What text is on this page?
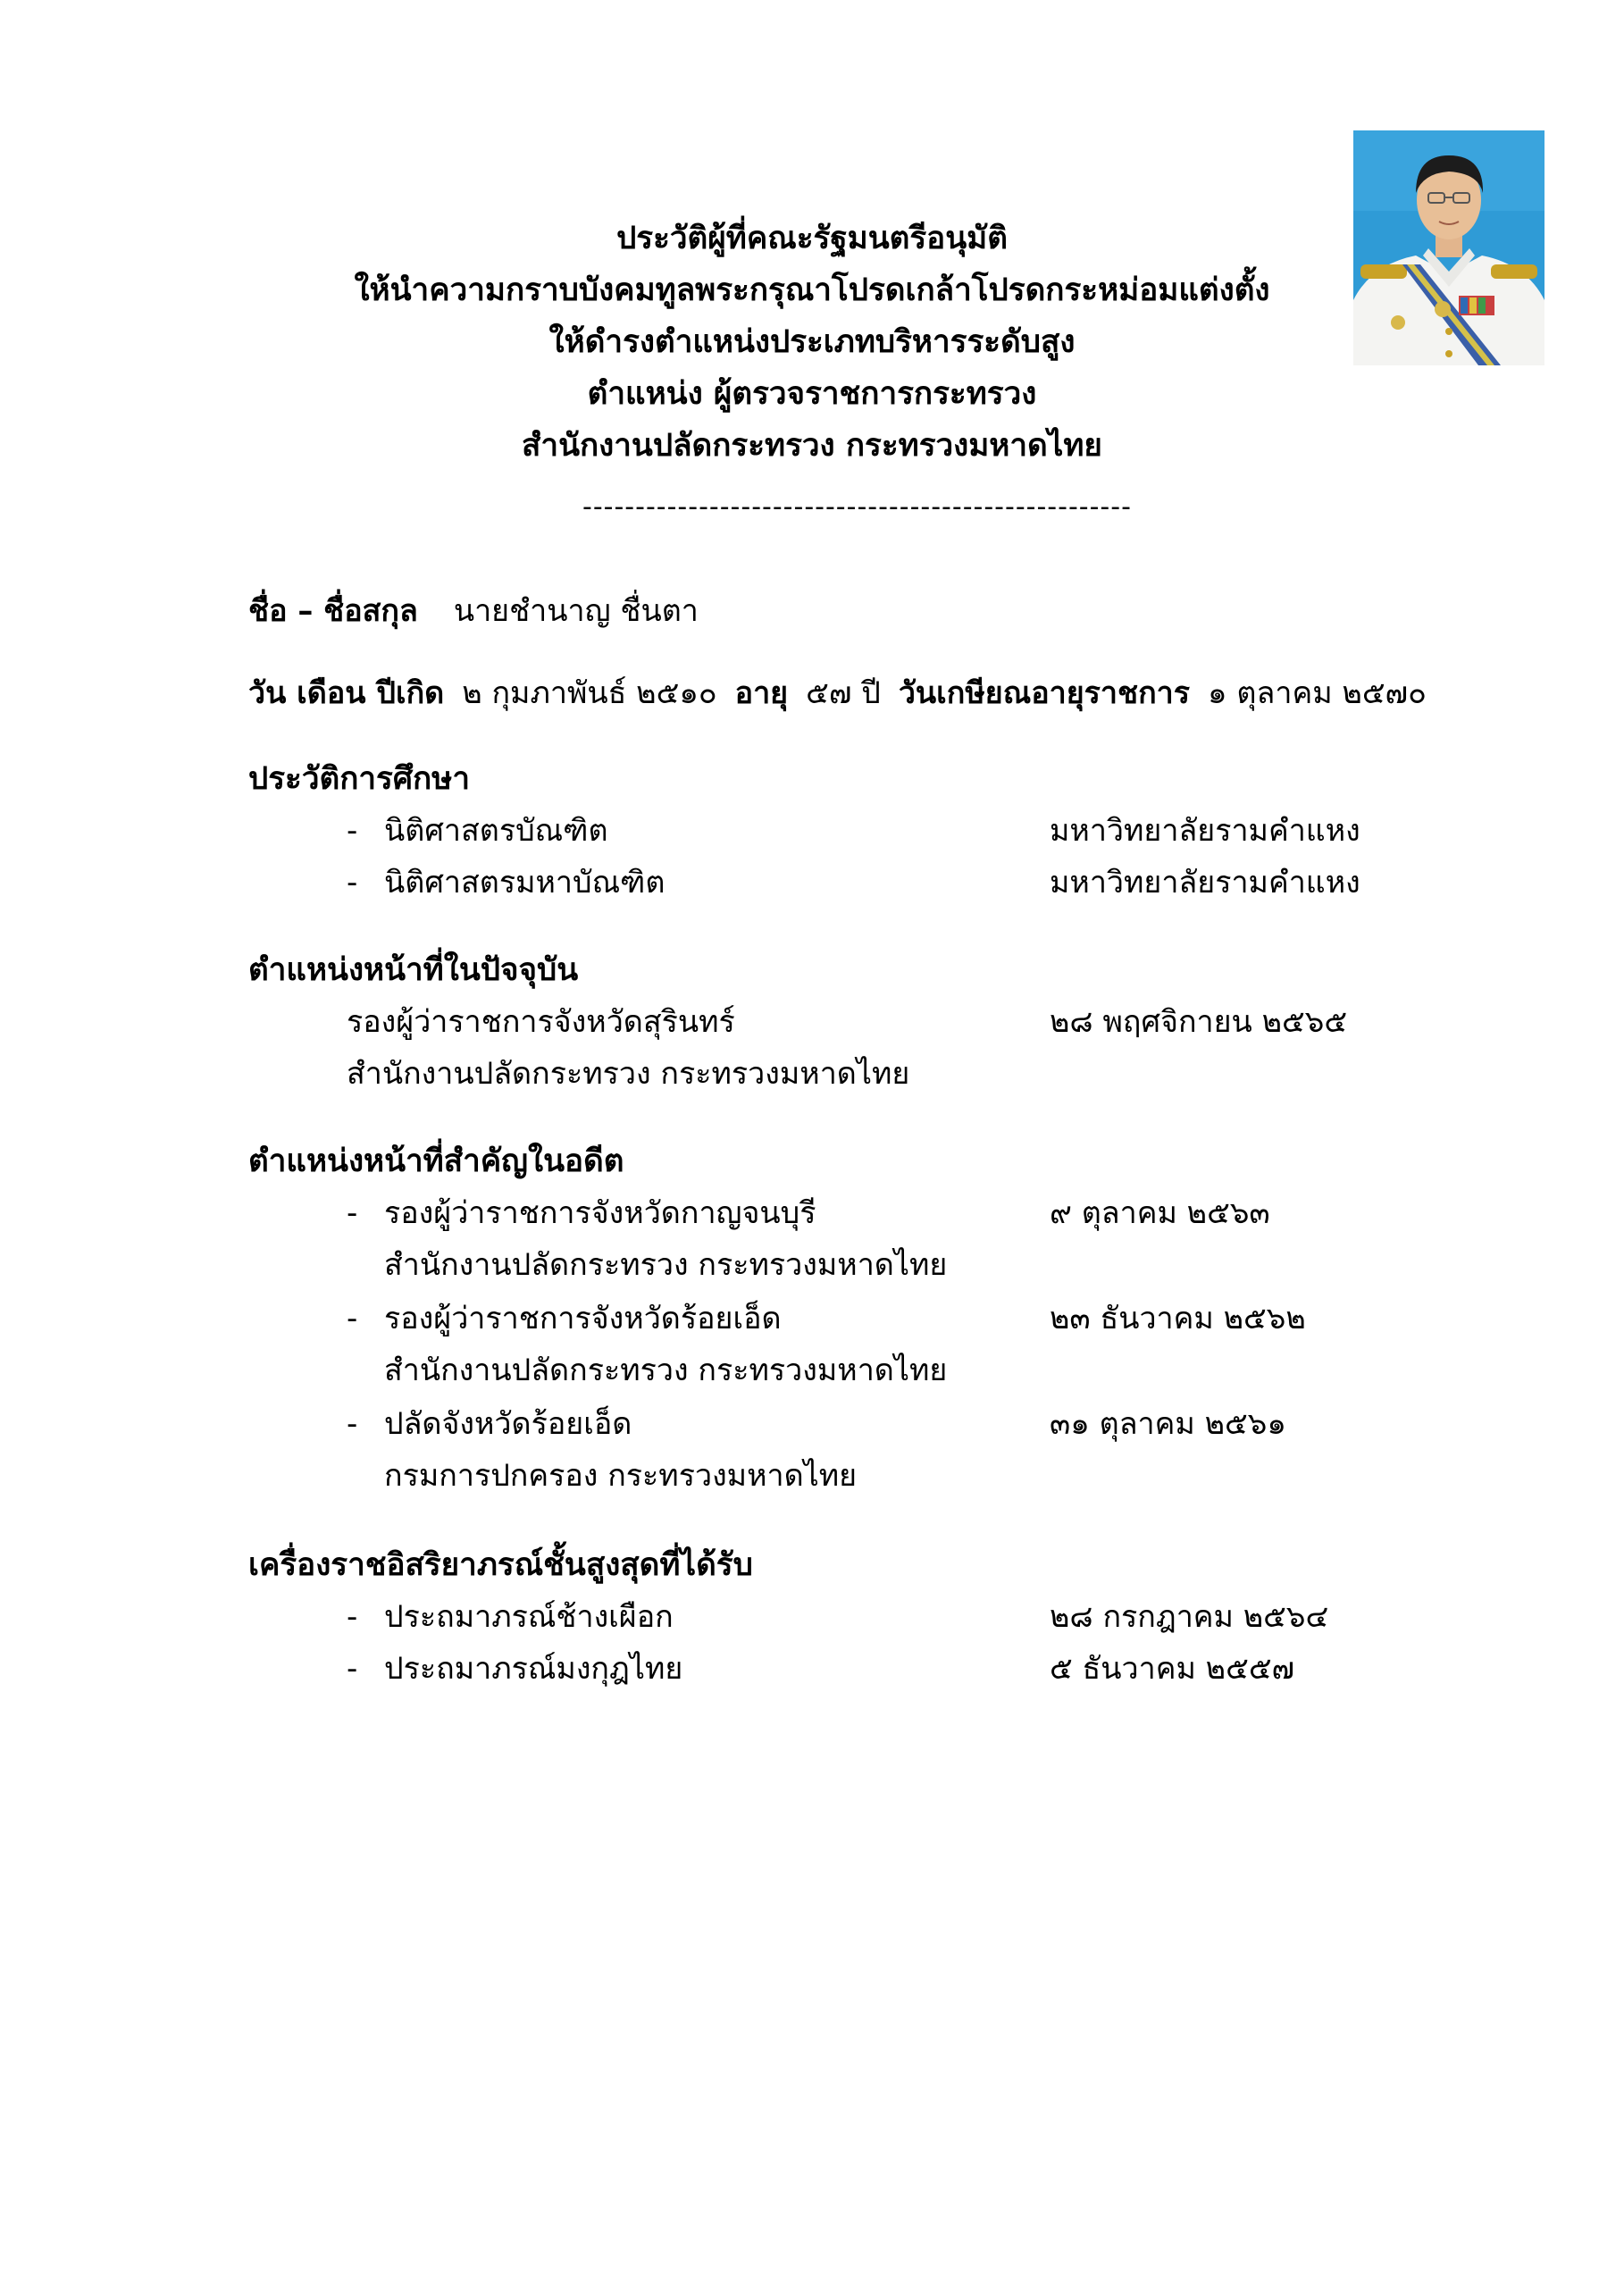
ประวัติผู้ที่คณะรัฐมนตรีอนุมัติ
ให้นำความกราบบังคมทูลพระกรุณาโปรดเกล้าโปรดกระหม่อมแต่งตั้ง
ให้ดำรงตำแหน่งประเภทบริหารระดับสูง
ตำแหน่ง ผู้ตรวจราชการกระทรวง
สำนักงานปลัดกระทรวง กระทรวงมหาดไทย
----------------------------------------------------
ชื่อ – ชื่อสกุล นายชำนาญ ชื่นตา
วัน เดือน ปีเกิด ๒ กุมภาพันธ์ ๒๕๑๐ อายุ ๕๗ ปี วันเกษียณอายุราชการ ๑ ตุลาคม ๒๕๗๐
ประวัติการศึกษา
- นิติศาสตรบัณฑิต	มหาวิทยาลัยรามคำแหง
- นิติศาสตรมหาบัณฑิต	มหาวิทยาลัยรามคำแหง
ตำแหน่งหน้าที่ในปัจจุบัน
รองผู้ว่าราชการจังหวัดสุรินทร์	๒๘ พฤศจิกายน ๒๕๖๕
สำนักงานปลัดกระทรวง กระทรวงมหาดไทย
ตำแหน่งหน้าที่สำคัญในอดีต
- รองผู้ว่าราชการจังหวัดกาญจนบุรี	๙ ตุลาคม ๒๕๖๓
สำนักงานปลัดกระทรวง กระทรวงมหาดไทย
- รองผู้ว่าราชการจังหวัดร้อยเอ็ด	๒๓ ธันวาคม ๒๕๖๒
สำนักงานปลัดกระทรวง กระทรวงมหาดไทย
- ปลัดจังหวัดร้อยเอ็ด	๓๑ ตุลาคม ๒๕๖๑
กรมการปกครอง กระทรวงมหาดไทย
เครื่องราชอิสริยาภรณ์ชั้นสูงสุดที่ได้รับ
- ประถมาภรณ์ช้างเผือก	๒๘ กรกฎาคม ๒๕๖๔
- ประถมาภรณ์มงกุฎไทย	๕ ธันวาคม ๒๕๕๗
